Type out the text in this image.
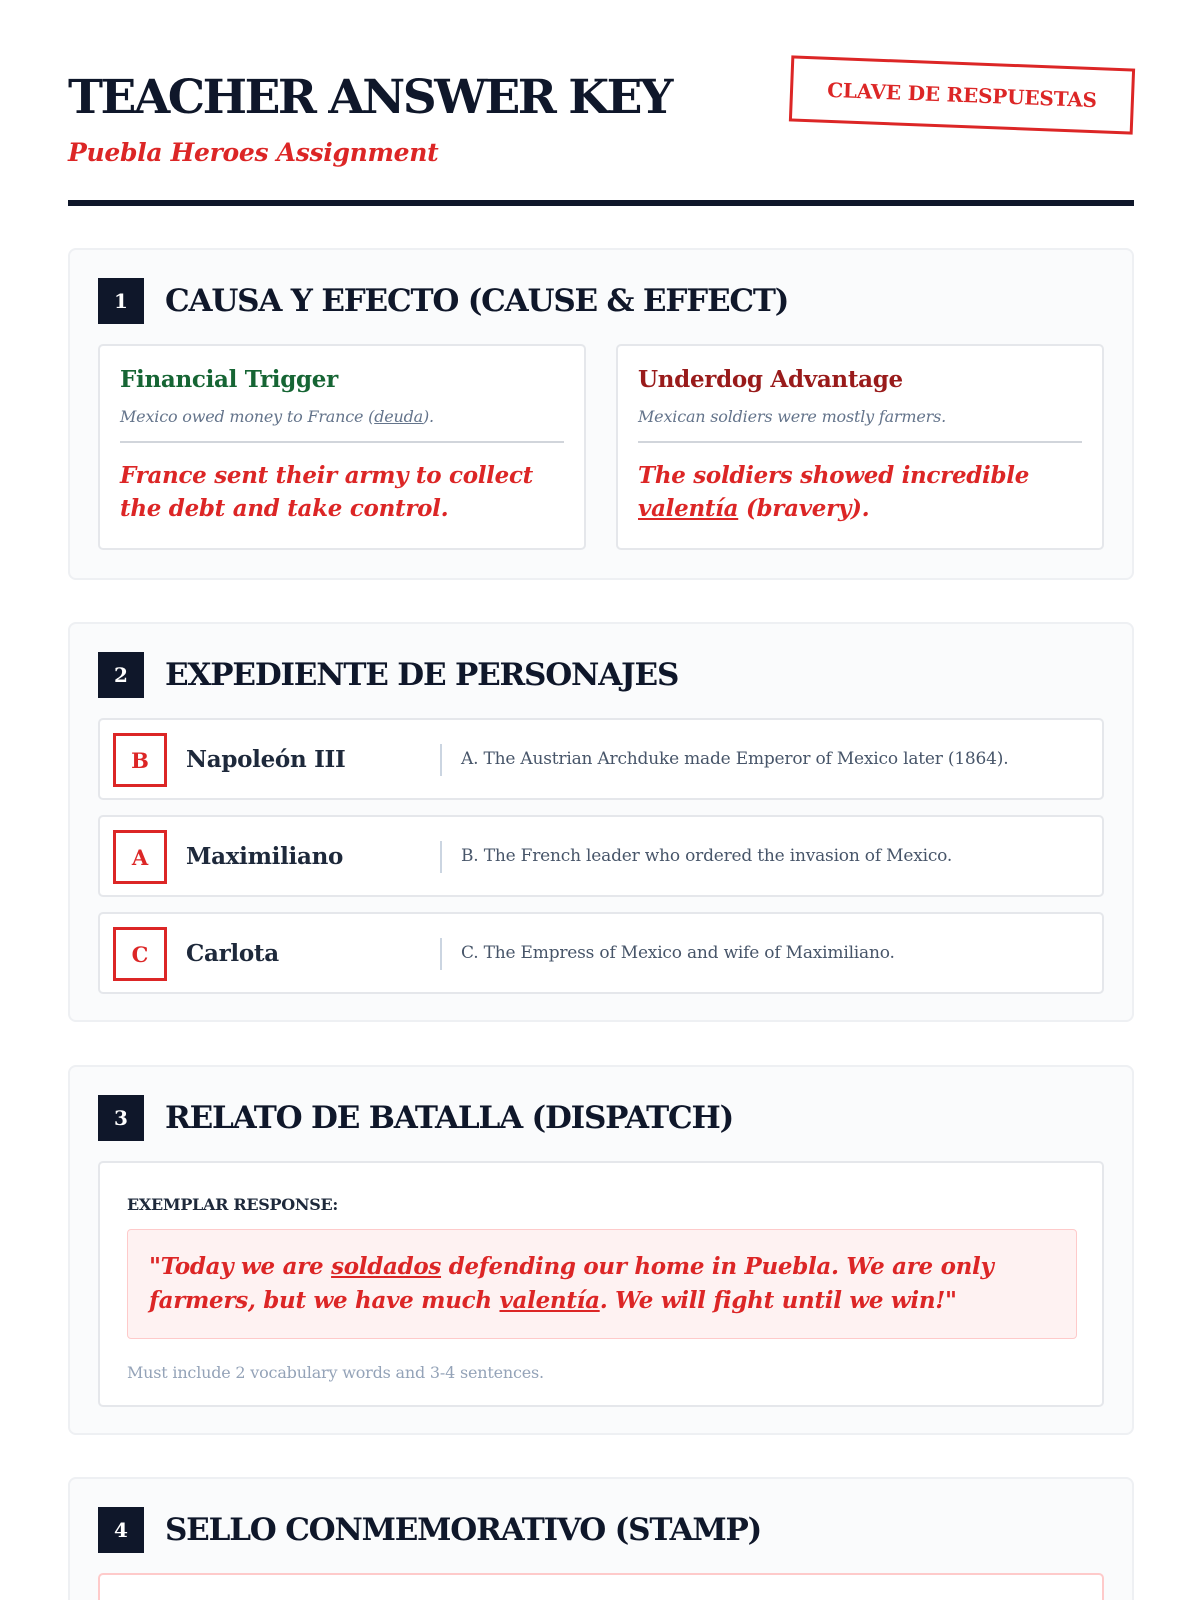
TEACHER ANSWER KEY
Puebla Heroes Assignment
CLAVE DE RESPUESTAS
1	CAUSA Y EFECTO (CAUSE & EFFECT)
Financial Trigger
Mexico owed money to France (deuda).
France sent their army to collect the debt and take control.
Underdog Advantage
Mexican soldiers were mostly farmers.
The soldiers showed incredible valentía (bravery).
2	EXPEDIENTE DE PERSONAJES
B	Napoleón III	A. The Austrian Archduke made Emperor of Mexico later (1864).
A	Maximiliano	B. The French leader who ordered the invasion of Mexico.
C	Carlota	C. The Empress of Mexico and wife of Maximiliano.
3	RELATO DE BATALLA (DISPATCH)
EXEMPLAR RESPONSE:
"Today we are soldados defending our home in Puebla. We are only farmers, but we have much valentía. We will fight until we win!"
Must include 2 vocabulary words and 3-4 sentences.
4	SELLO CONMEMORATIVO (STAMP)
